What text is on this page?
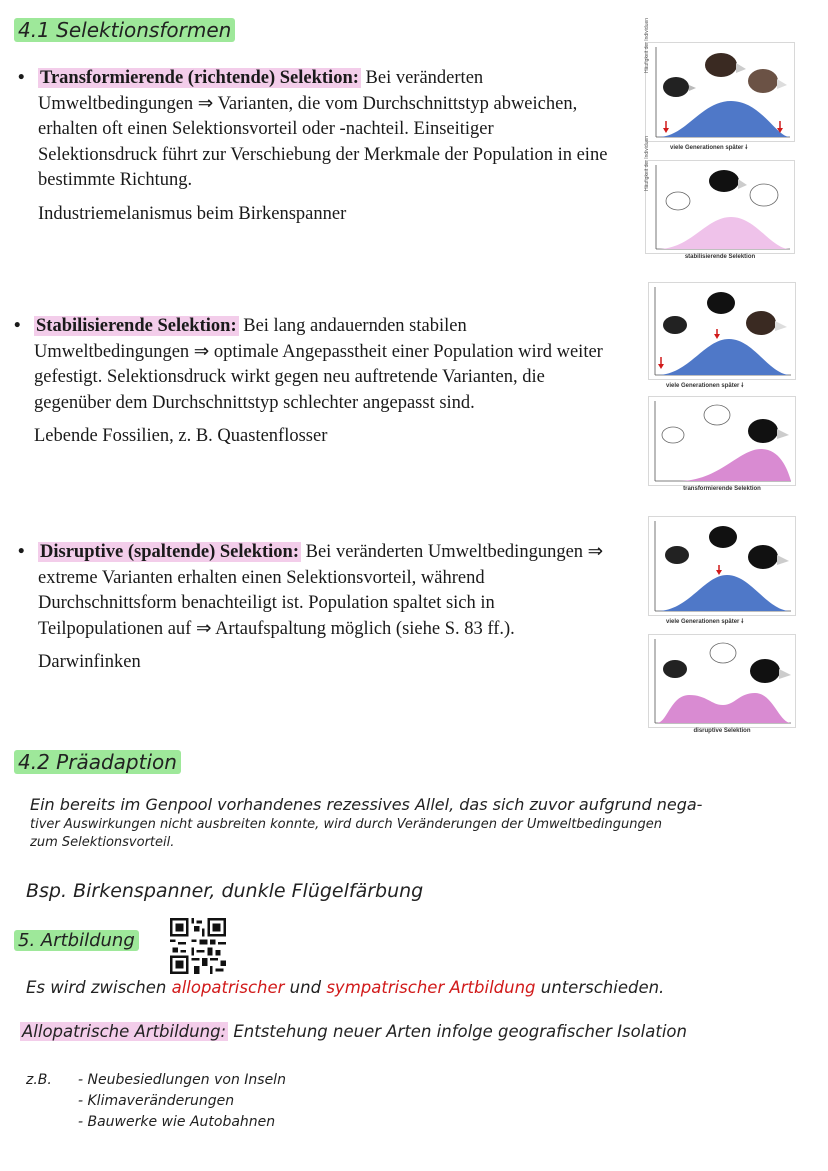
4.1 Selektionsformen
• Transformierende (richtende) Selektion: Bei veränderten Umweltbedingungen ⇒ Varianten, die vom Durchschnittstyp abweichen, erhalten oft einen Selektionsvorteil oder -nachteil. Einseitiger Selektionsdruck führt zur Verschiebung der Merkmale der Population in eine bestimmte Richtung.
Industriemelanismus beim Birkenspanner
• Stabilisierende Selektion: Bei lang andauernden stabilen Umweltbedingungen ⇒ optimale Angepasstheit einer Population wird weiter gefestigt. Selektionsdruck wirkt gegen neu auftretende Varianten, die gegenüber dem Durchschnittstyp schlechter angepasst sind.
Lebende Fossilien, z. B. Quastenflosser
• Disruptive (spaltende) Selektion: Bei veränderten Umweltbedingungen ⇒ extreme Varianten erhalten einen Selektionsvorteil, während Durchschnittsform benachteiligt ist. Population spaltet sich in Teilpopulationen auf ⇒ Artaufspaltung möglich (siehe S. 83 ff.).
Darwinfinken
Häufigkeit der Individuen
viele Generationen später 🠗
Häufigkeit der Individuen
stabilisierende Selektion
viele Generationen später 🠗
transformierende Selektion
viele Generationen später 🠗
disruptive Selektion
4.2 Präadaption
Ein bereits im Genpool vorhandenes rezessives Allel, das sich zuvor aufgrund nega-
tiver Auswirkungen nicht ausbreiten konnte, wird durch Veränderungen der Umweltbedingungen
zum Selektionsvorteil.
Bsp. Birkenspanner, dunkle Flügelfärbung
5. Artbildung
Es wird zwischen allopatrischer und sympatrischer Artbildung unterschieden.
Allopatrische Artbildung: Entstehung neuer Arten infolge geografischer Isolation
z.B. - Neubesiedlungen von Inseln
- Klimaveränderungen
- Bauwerke wie Autobahnen
